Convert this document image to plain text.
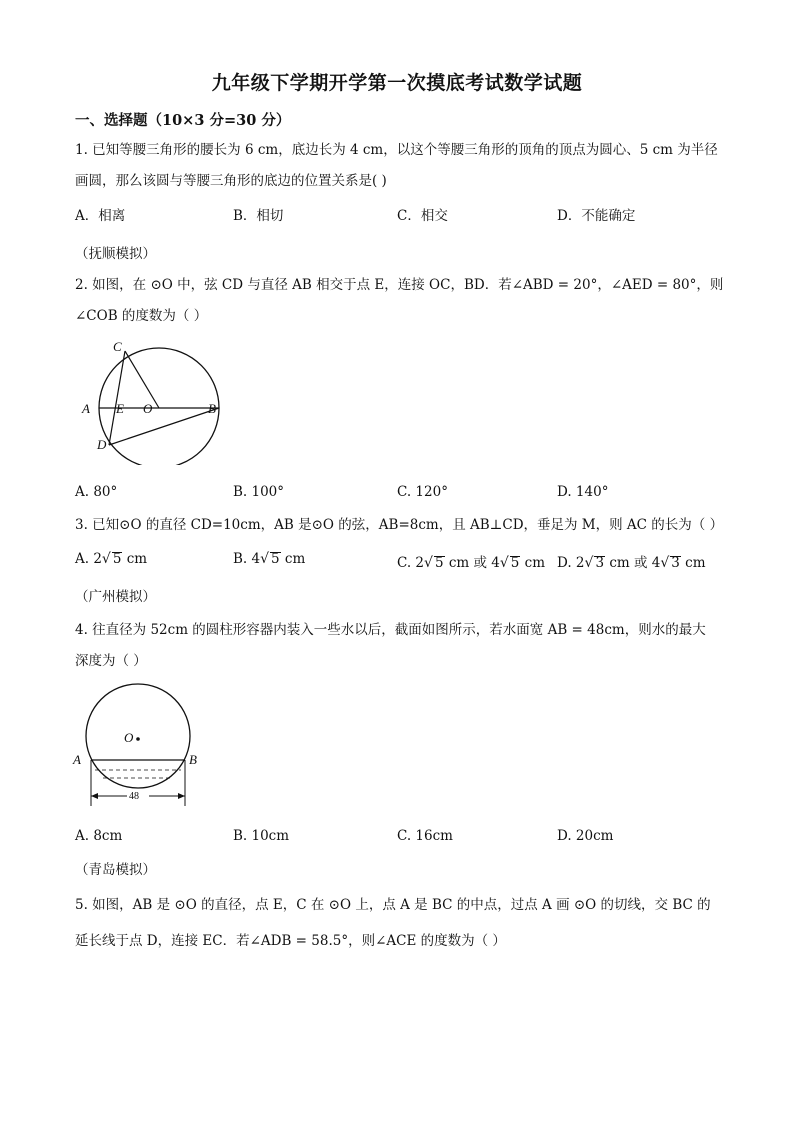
九年级下学期开学第一次摸底考试数学试题
一、选择题（10×3 分=30 分）
1. 已知等腰三角形的腰长为 6 cm，底边长为 4 cm，以这个等腰三角形的顶角的顶点为圆心、5 cm 为半径
画圆，那么该圆与等腰三角形的底边的位置关系是( )
A．相离	B．相切	C．相交	D．不能确定
（抚顺模拟）
2. 如图，在 ⊙O 中，弦 CD 与直径 AB 相交于点 E，连接 OC，BD．若∠ABD = 20°，∠AED = 80°，则
∠COB 的度数为（ ）
C
A E O	B
D
A. 80°	B. 100°	C. 120°	D. 140°
3. 已知⊙O 的直径 CD=10cm，AB 是⊙O 的弦，AB=8cm，且 AB⊥CD，垂足为 M，则 AC 的长为（ ）
A. 2√ 5 cm	B. 4√ 5 cm	C. 2√ 5 cm 或 4√ 5 cm D. 2√ 3 cm 或 4√ 3 cm
（广州模拟）
4. 往直径为 52cm 的圆柱形容器内装入一些水以后，截面如图所示，若水面宽 AB = 48cm，则水的最大
深度为（ ）
48
O
A	B
A. 8cm	B. 10cm	C. 16cm	D. 20cm
（青岛模拟）
5. 如图，AB 是 ⊙O 的直径，点 E，C 在 ⊙O 上，点 A 是 BC 的中点，过点 A 画 ⊙O 的切线，交 BC 的
延长线于点 D，连接 EC．若∠ADB = 58.5°，则∠ACE 的度数为（ ）
